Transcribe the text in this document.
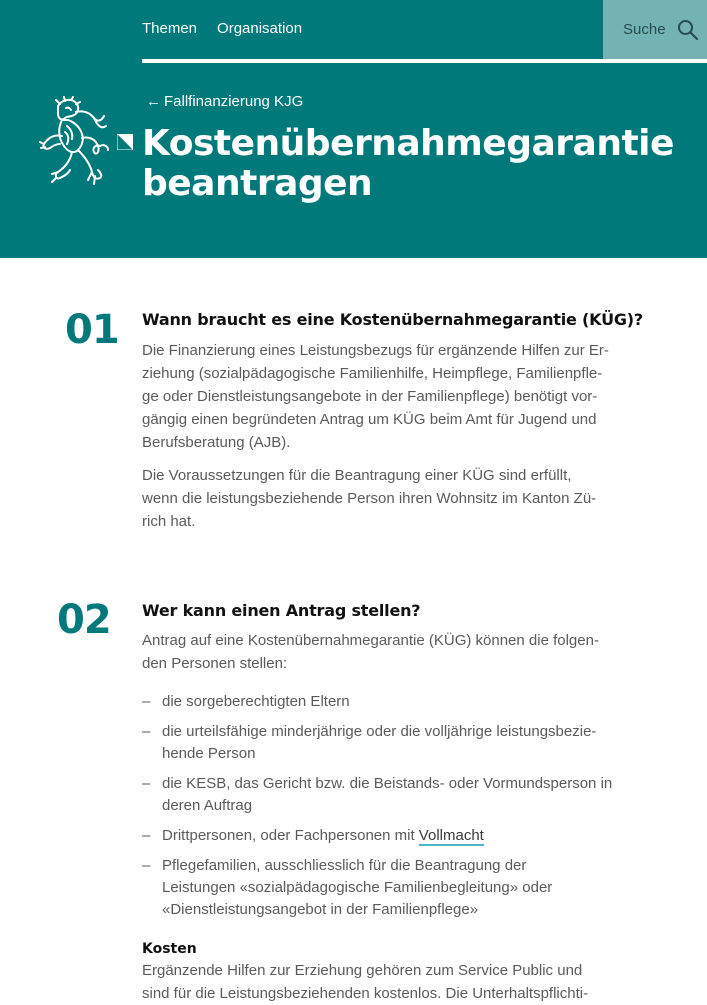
Themen Organisation	Suche
← Fallfinanzierung KJG
Kostenübernahmegarantie
beantragen
01 Wann braucht es eine Kostenübernahmegarantie (KÜG)?

Die Finanzierung eines Leistungsbezugs für ergänzende Hilfen zur Er-
ziehung (sozialpädagogische Familienhilfe, Heimpflege, Familienpfle-
ge oder Dienstleistungsangebote in der Familienpflege) benötigt vor-
gängig einen begründeten Antrag um KÜG beim Amt für Jugend und
Berufsberatung (AJB).

Die Voraussetzungen für die Beantragung einer KÜG sind erfüllt,
wenn die leistungsbeziehende Person ihren Wohnsitz im Kanton Zü-
rich hat.

02 Wer kann einen Antrag stellen?

Antrag auf eine Kostenübernahmegarantie (KÜG) können die folgen-
den Personen stellen:

– die sorgeberechtigten Eltern
– die urteilsfähige minderjährige oder die volljährige leistungsbezie-
hende Person
– die KESB, das Gericht bzw. die Beistands- oder Vormundsperson in
deren Auftrag
– Drittpersonen, oder Fachpersonen mit Vollmacht
– Pflegefamilien, ausschliesslich für die Beantragung der
Leistungen «sozialpädagogische Familienbegleitung» oder
«Dienstleistungsangebot in der Familienpflege»
Kosten

Ergänzende Hilfen zur Erziehung gehören zum Service Public und
sind für die Leistungsbeziehenden kostenlos. Die Unterhaltspflichti-
